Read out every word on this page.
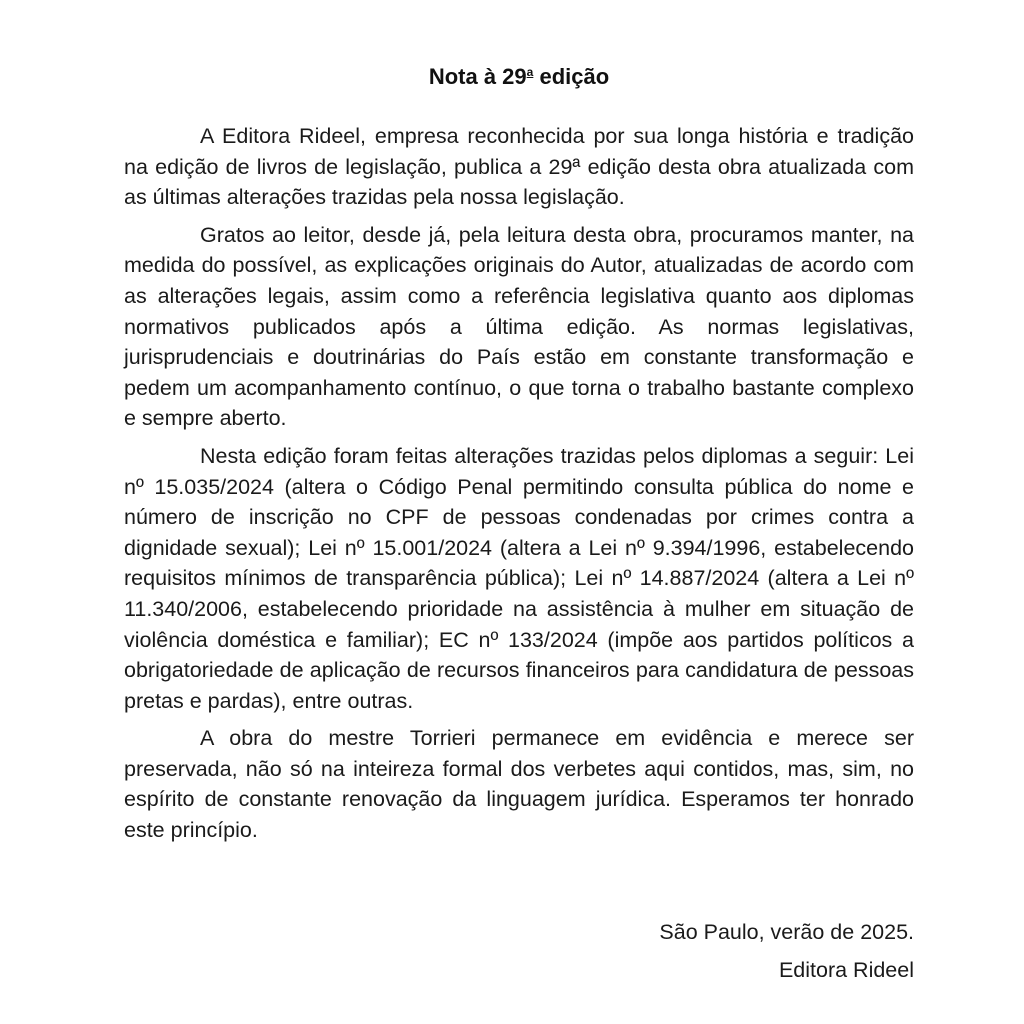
Nota à 29$^a$ edição

A Editora Rideel, empresa reconhecida por sua longa história e tradição na edição de livros de legislação, publica a 29ª edição desta obra atualizada com as últimas alterações trazidas pela nossa legislação.

Gratos ao leitor, desde já, pela leitura desta obra, procuramos manter, na medida do possível, as explicações originais do Autor, atualizadas de acordo com as alterações legais, assim como a referência legislativa quanto aos diplomas normativos publicados após a última edição. As normas legislativas, jurisprudenciais e doutrinárias do País estão em constante transformação e pedem um acompanhamento contínuo, o que torna o trabalho bastante complexo e sempre aberto.

Nesta edição foram feitas alterações trazidas pelos diplomas a seguir: Lei nº 15.035/2024 (altera o Código Penal permitindo consulta pública do nome e número de inscrição no CPF de pessoas condenadas por crimes contra a dignidade sexual); Lei nº 15.001/2024 (altera a Lei nº 9.394/1996, estabelecendo requisitos mínimos de transparência pública); Lei nº 14.887/2024 (altera a Lei nº 11.340/2006, estabelecendo prioridade na assistência à mulher em situação de violência doméstica e familiar); EC nº 133/2024 (impõe aos partidos políticos a obrigatoriedade de aplicação de recursos financeiros para candidatura de pessoas pretas e pardas), entre outras.

A obra do mestre Torrieri permanece em evidência e merece ser preservada, não só na inteireza formal dos verbetes aqui contidos, mas, sim, no espírito de constante renovação da linguagem jurídica. Esperamos ter honrado este princípio.

São Paulo, verão de 2025.
Editora Rideel
